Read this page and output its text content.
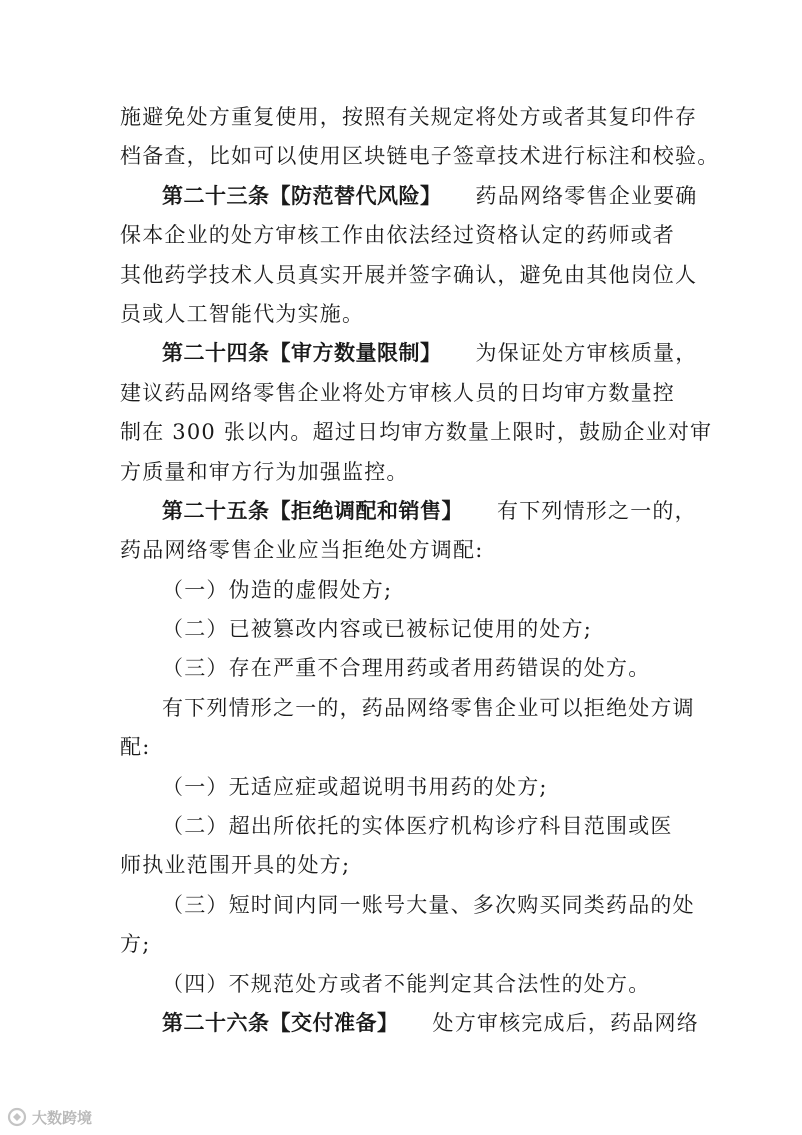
施避免处方重复使用，按照有关规定将处方或者其复印件存
档备查，比如可以使用区块链电子签章技术进行标注和校验。
第二十三条【防范替代风险】 药品网络零售企业要确
保本企业的处方审核工作由依法经过资格认定的药师或者
其他药学技术人员真实开展并签字确认，避免由其他岗位人
员或人工智能代为实施。
第二十四条【审方数量限制】 为保证处方审核质量，
建议药品网络零售企业将处方审核人员的日均审方数量控
制在 300 张以内。超过日均审方数量上限时，鼓励企业对审
方质量和审方行为加强监控。
第二十五条【拒绝调配和销售】 有下列情形之一的，
药品网络零售企业应当拒绝处方调配:
（一）伪造的虚假处方;
（二）已被篡改内容或已被标记使用的处方;
（三）存在严重不合理用药或者用药错误的处方。
有下列情形之一的，药品网络零售企业可以拒绝处方调
配:
（一）无适应症或超说明书用药的处方;
（二）超出所依托的实体医疗机构诊疗科目范围或医
师执业范围开具的处方;
（三）短时间内同一账号大量、多次购买同类药品的处
方;
（四）不规范处方或者不能判定其合法性的处方。
第二十六条【交付准备】 处方审核完成后，药品网络
大数跨境
